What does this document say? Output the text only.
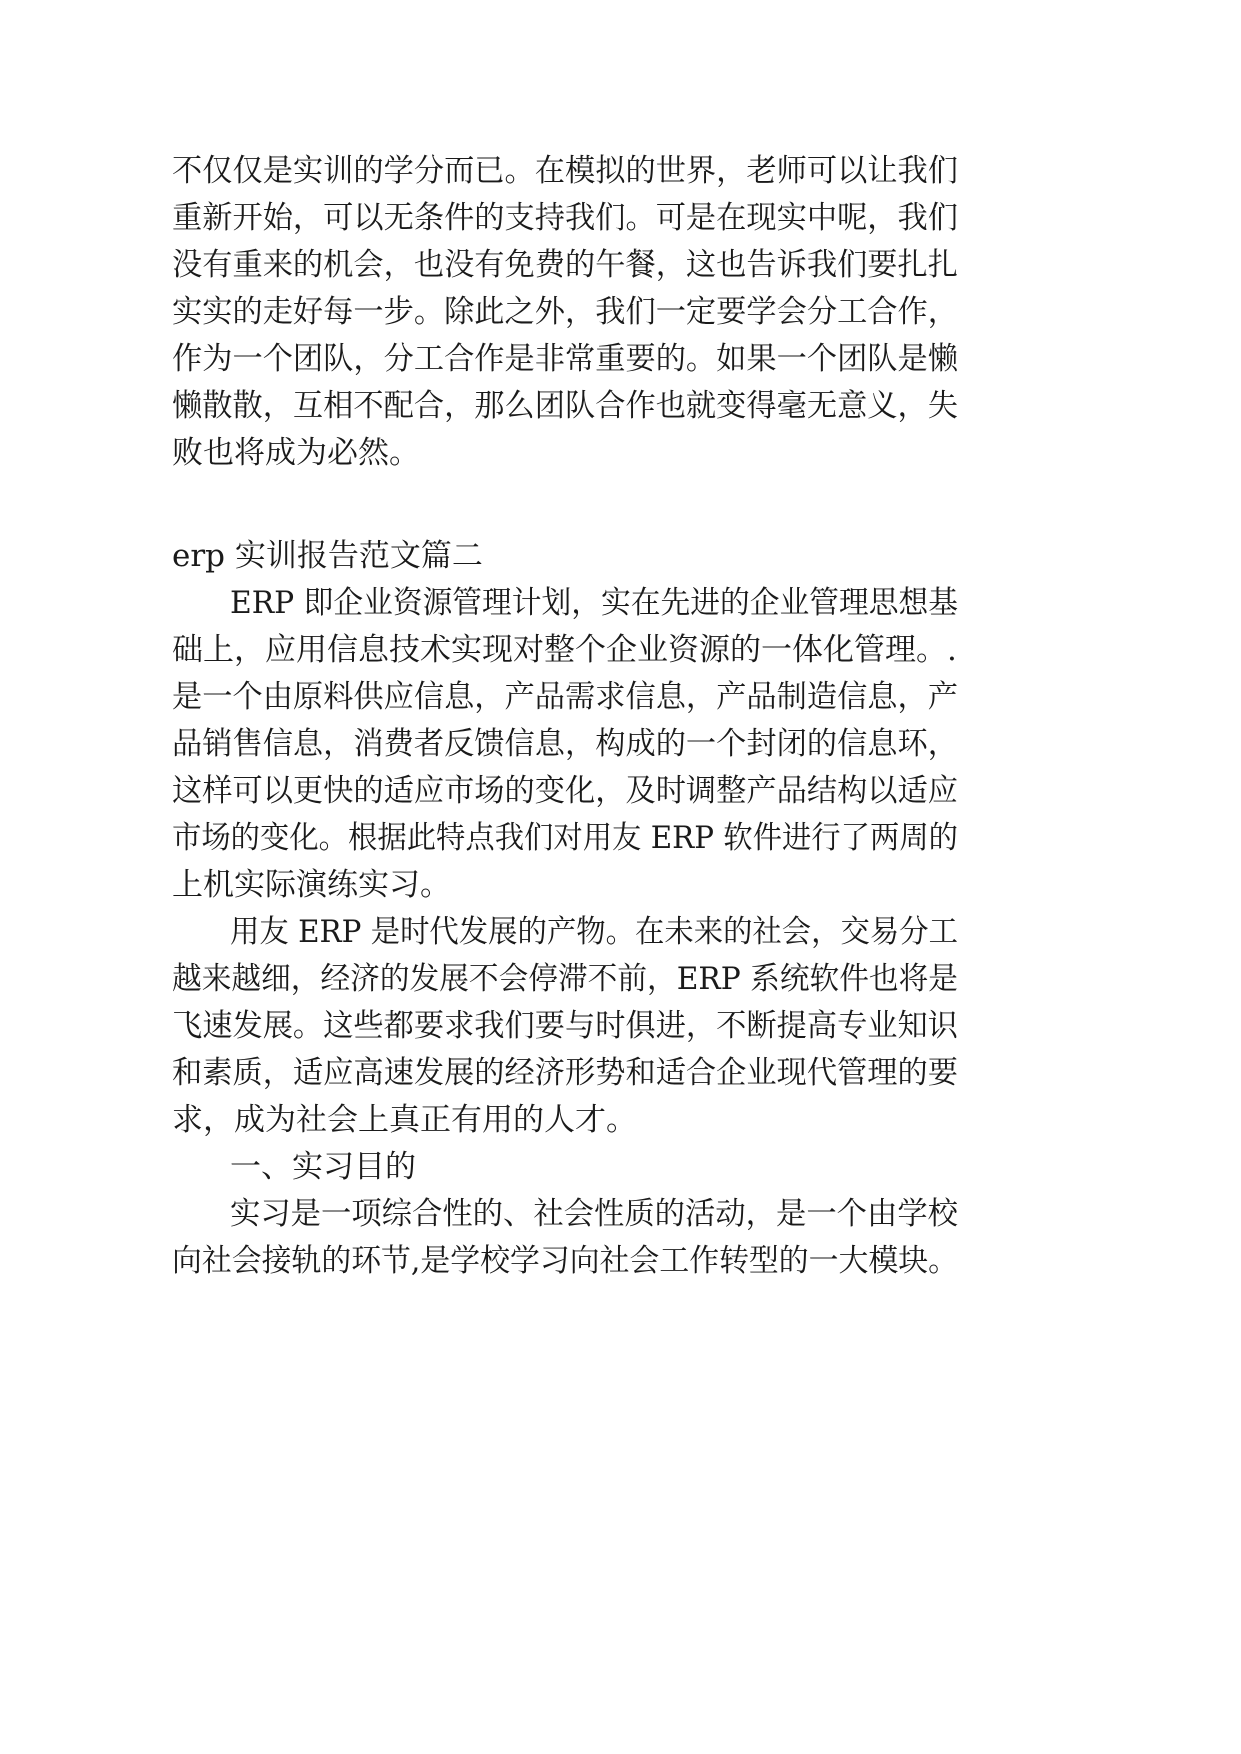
不仅仅是实训的学分而已。在模拟的世界，老师可以让我们
重新开始，可以无条件的支持我们。可是在现实中呢，我们
没有重来的机会，也没有免费的午餐，这也告诉我们要扎扎
实实的走好每一步。除此之外，我们一定要学会分工合作，
作为一个团队，分工合作是非常重要的。如果一个团队是懒
懒散散，互相不配合，那么团队合作也就变得毫无意义，失
败也将成为必然。
erp 实训报告范文篇二
ERP 即企业资源管理计划，实在先进的企业管理思想基
础上，应用信息技术实现对整个企业资源的一体化管理。.
是一个由原料供应信息，产品需求信息，产品制造信息，产
品销售信息，消费者反馈信息，构成的一个封闭的信息环，
这样可以更快的适应市场的变化，及时调整产品结构以适应
市场的变化。根据此特点我们对用友 ERP 软件进行了两周的
上机实际演练实习。
用友 ERP 是时代发展的产物。在未来的社会，交易分工
越来越细，经济的发展不会停滞不前，ERP 系统软件也将是
飞速发展。这些都要求我们要与时俱进，不断提高专业知识
和素质，适应高速发展的经济形势和适合企业现代管理的要
求，成为社会上真正有用的人才。
一、实习目的
实习是一项综合性的、社会性质的活动，是一个由学校
向社会接轨的环节,是学校学习向社会工作转型的一大模块。
